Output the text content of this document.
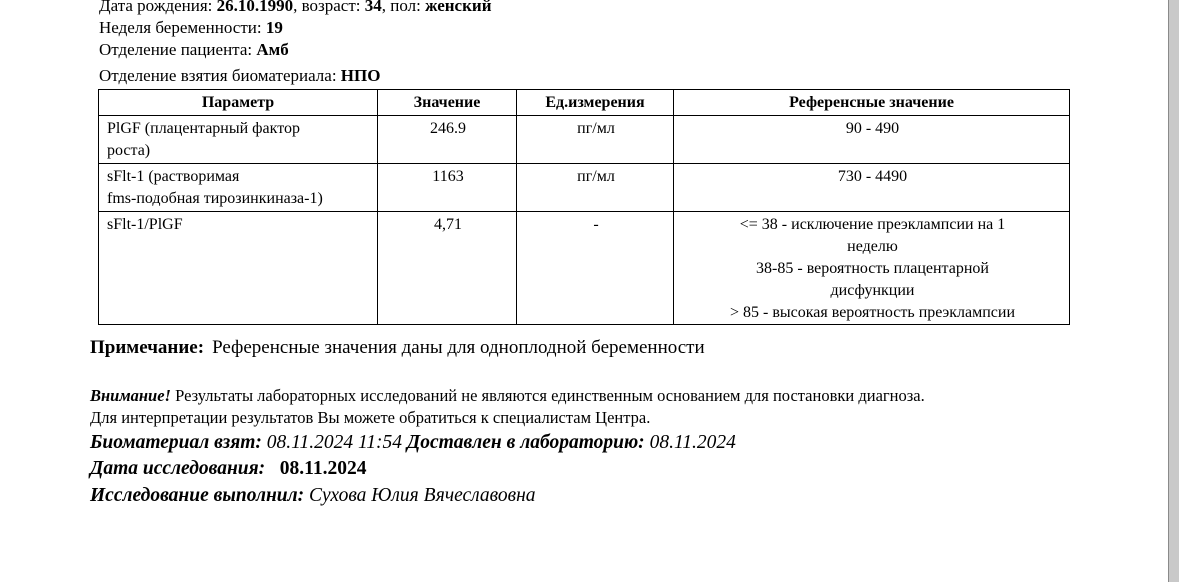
Дата рождения: 26.10.1990, возраст: 34, пол: женский
Неделя беременности: 19
Отделение пациента: Амб
Отделение взятия биоматериала: НПО
Параметр	Значение	Ед.измерения	Референсные значение

PlGF (плацентарный фактор
роста)	246.9	пг/мл	90 - 490

sFlt-1 (растворимая
fms-подобная тирозинкиназа-1)	1163	пг/мл	730 - 4490

sFlt-1/PlGF	4,71	-	<= 38 - исключение преэклампсии на 1
неделю
38-85 - вероятность плацентарной
дисфункции
> 85 - высокая вероятность преэклампсии
Примечание: Референсные значения даны для одноплодной беременности
Внимание! Результаты лабораторных исследований не являются единственным основанием для постановки диагноза.
Для интерпретации результатов Вы можете обратиться к специалистам Центра.
Биоматериал взят: 08.11.2024 11:54 Доставлен в лабораторию: 08.11.2024
Дата исследования: 08.11.2024
Исследование выполнил: Сухова Юлия Вячеславовна
